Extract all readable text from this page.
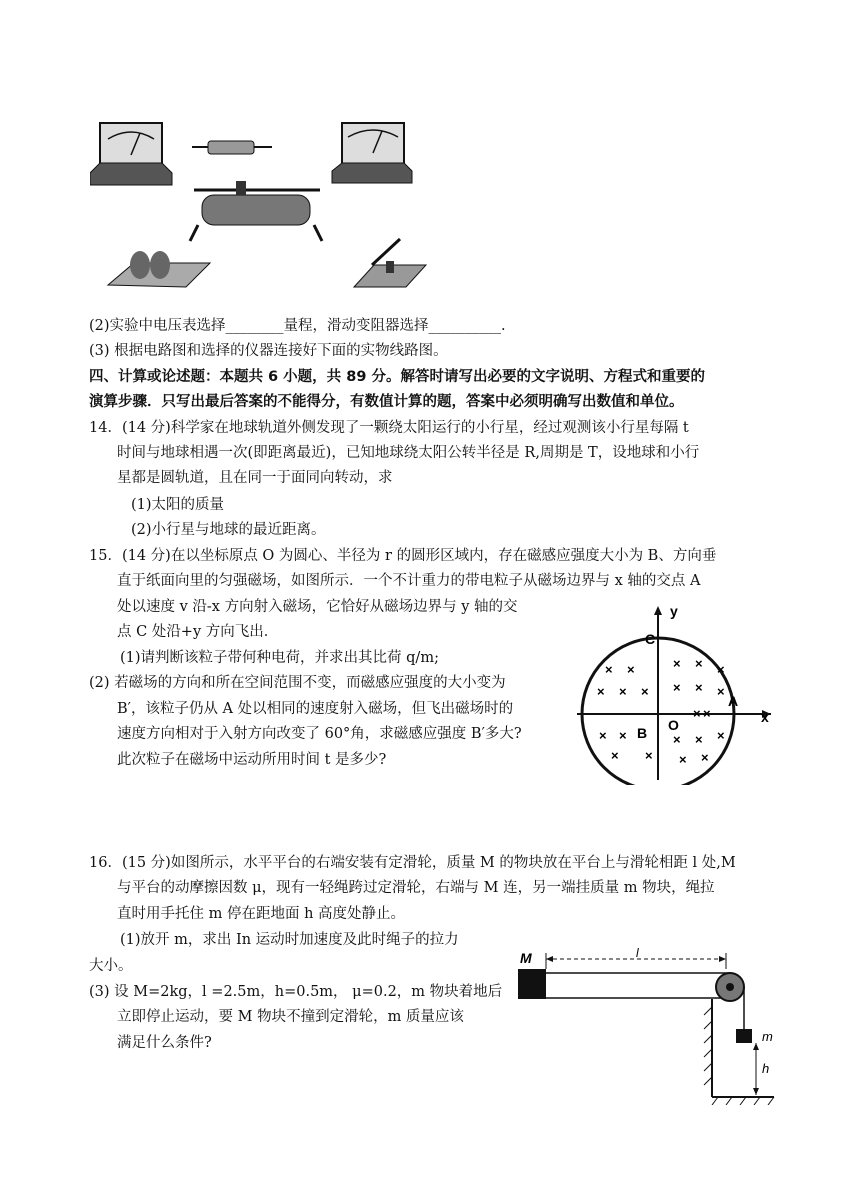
(2)实验中电压表选择________量程，滑动变阻器选择__________.
(3) 根据电路图和选择的仪器连接好下面的实物线路图。
四、计算或论述题：本题共 6 小题，共 89 分。解答时请写出必要的文字说明、方程式和重要的
演算步骤．只写出最后答案的不能得分，有数值计算的题，答案中必须明确写出数值和单位。
14．(14 分)科学家在地球轨道外侧发现了一颗绕太阳运行的小行星，经过观测该小行星每隔 t
时间与地球相遇一次(即距离最近)，已知地球绕太阳公转半径是 R,周期是 T，设地球和小行
星都是圆轨道，且在同一于面同向转动，求
(1)太阳的质量
(2)小行星与地球的最近距离。
15．(14 分)在以坐标原点 O 为圆心、半径为 r 的圆形区域内，存在磁感应强度大小为 B、方向垂
直于纸面向里的匀强磁场，如图所示．一个不计重力的带电粒子从磁场边界与 x 轴的交点 A
处以速度 v 沿-x 方向射入磁场，它恰好从磁场边界与 y 轴的交
点 C 处沿+y 方向飞出．
(1)请判断该粒子带何种电荷，并求出其比荷 q/m;
(2) 若磁场的方向和所在空间范围不变，而磁感应强度的大小变为
B′，该粒子仍从 A 处以相同的速度射入磁场，但飞出磁场时的
速度方向相对于入射方向改变了 60°角，求磁感应强度 B′多大?
此次粒子在磁场中运动所用时间 t 是多少?
y
x
C
A
O
B
× ×	× × ×
× × × × × ×
× ×	× × ×
× × × ×
× ×
16．(15 分)如图所示，水平平台的右端安装有定滑轮，质量 M 的物块放在平台上与滑轮相距 l 处,M
与平台的动摩擦因数 μ，现有一轻绳跨过定滑轮，右端与 M 连，另一端挂质量 m 物块，绳拉
直时用手托住 m 停在距地面 h 高度处静止。
(1)放开 m，求出 In 运动时加速度及此时绳子的拉力
大小。
(3) 设 M=2kg，l =2.5m，h=0.5m， μ=0.2，m 物块着地后
立即停止运动，要 M 物块不撞到定滑轮，m 质量应该
满足什么条件?
M	l
m
h
